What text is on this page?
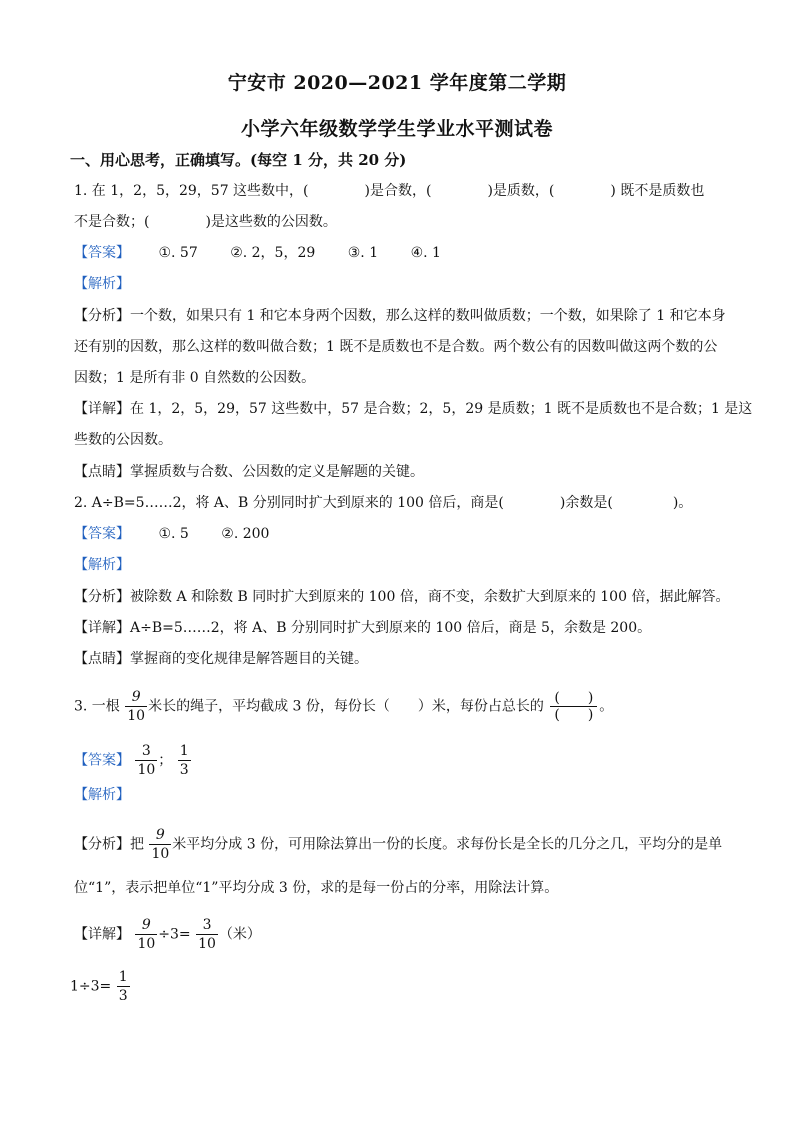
宁安市 2020—2021 学年度第二学期
小学六年级数学学生学业水平测试卷
一、用心思考，正确填写。(每空 1 分，共 20 分)
1. 在 1，2，5，29，57 这些数中，(	)是合数，(	)是质数，(	) 既不是质数也
不是合数；(	)是这些数的公因数。
【答案】 ①. 57 ②. 2，5，29 ③. 1 ④. 1
【解析】
【分析】一个数，如果只有 1 和它本身两个因数，那么这样的数叫做质数；一个数，如果除了 1 和它本身
还有别的因数，那么这样的数叫做合数；1 既不是质数也不是合数。两个数公有的因数叫做这两个数的公
因数；1 是所有非 0 自然数的公因数。
【详解】在 1，2，5，29，57 这些数中，57 是合数；2，5，29 是质数；1 既不是质数也不是合数；1 是这
些数的公因数。
【点睛】掌握质数与合数、公因数的定义是解题的关键。
2. A÷B=5……2，将 A、B 分别同时扩大到原来的 100 倍后，商是(	)余数是(	)。
【答案】 ①. 5 ②. 200
【解析】
【分析】被除数 A 和除数 B 同时扩大到原来的 100 倍，商不变，余数扩大到原来的 100 倍，据此解答。
【详解】A÷B=5……2，将 A、B 分别同时扩大到原来的 100 倍后，商是 5，余数是 200。
【点睛】掌握商的变化规律是解答题目的关键。
3. 一根 $\frac{9}{10}$ 米长的绳子，平均截成 3 份，每份长（ ）米，每份占总长的
(　　)
(　　)
。
【答案】 $\frac{3}{10}$ ； $\frac{1}{3}$
【解析】
【分析】把 $\frac{9}{10}$ 米平均分成 3 份，可用除法算出一份的长度。求每份长是全长的几分之几，平均分的是单
位“1”，表示把单位“1”平均分成 3 份，求的是每一份占的分率，用除法计算。
【详解】 $\frac{9}{10} \div 3= \frac{3}{10}$ （米）
$1\div 3= \frac{1}{3}$
